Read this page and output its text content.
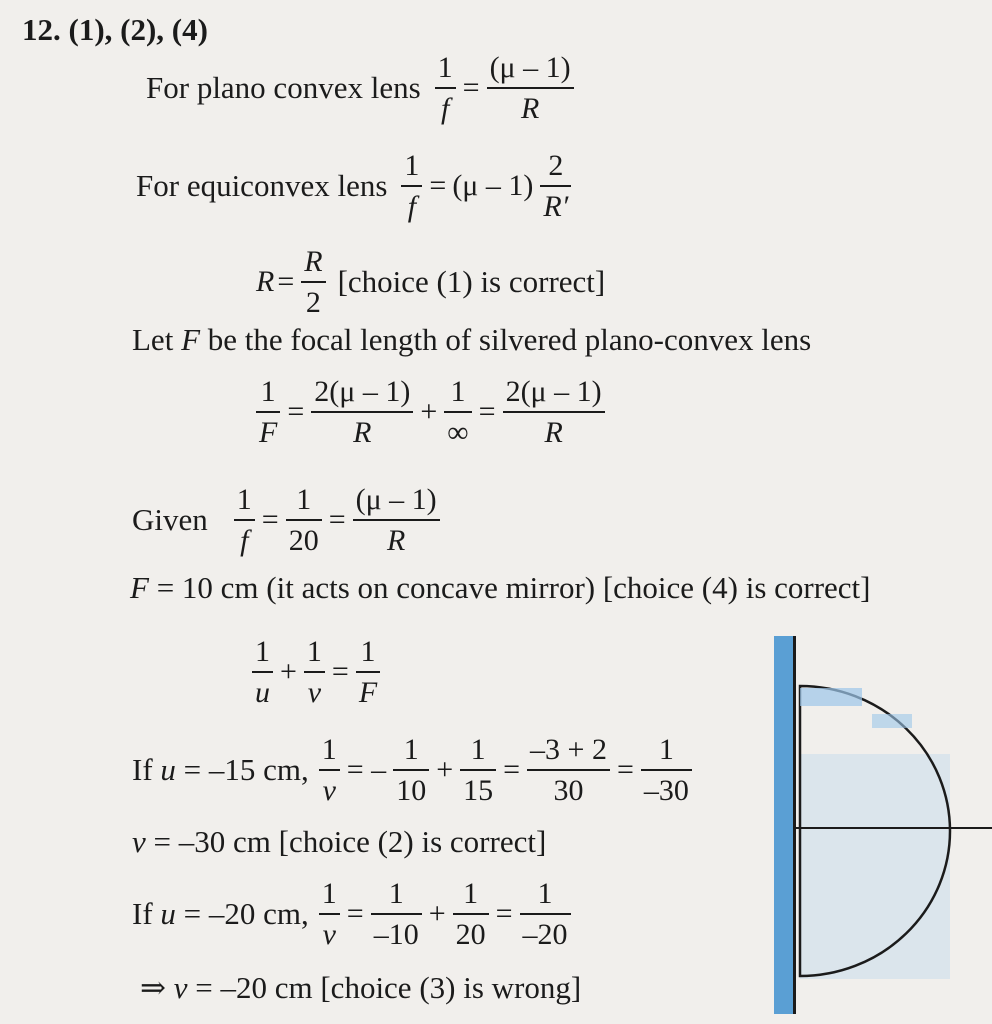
12. (1), (2), (4)
For plano convex lens $\frac{1}{f} = \frac{(\mu - 1)}{R}$
For equiconvex lens $\frac{1}{f} = (\mu - 1) \frac{2}{R'}$
$R = \frac{R}{2}$ [choice (1) is correct]
Let F be the focal length of silvered plano-convex lens
$\frac{1}{F} = \frac{2(\mu - 1)}{R} + \frac{1}{\infty} = \frac{2(\mu - 1)}{R}$
Given $\frac{1}{f} = \frac{1}{20} = \frac{(\mu - 1)}{R}$
F = 10 cm (it acts on concave mirror) [choice (4) is correct]
$\frac{1}{u} + \frac{1}{v} = \frac{1}{F}$
If u = –15 cm, $\frac{1}{v}$ = – $\frac{1}{10} + \frac{1}{15} = \frac{-3 + 2}{30} = \frac{1}{-30}$
v = –30 cm [choice (2) is correct]
If u = –20 cm, $\frac{1}{v} = \frac{1}{-10} + \frac{1}{20} = \frac{1}{-20}$
⇒ v = –20 cm [choice (3) is wrong]
